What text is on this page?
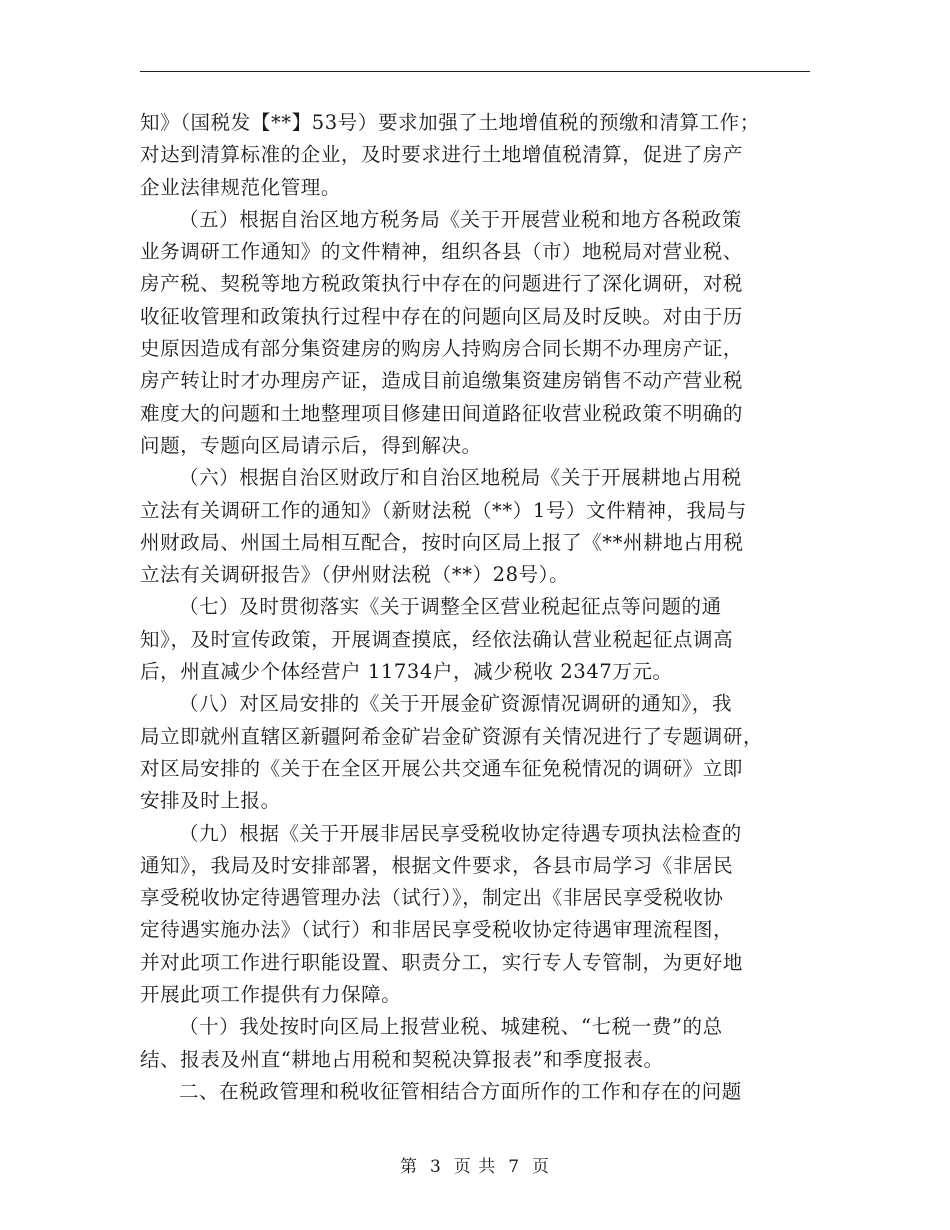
知》（国税发【**】53号）要求加强了土地增值税的预缴和清算工作；
对达到清算标准的企业，及时要求进行土地增值税清算，促进了房产
企业法律规范化管理。
（五）根据自治区地方税务局《关于开展营业税和地方各税政策
业务调研工作通知》的文件精神，组织各县（市）地税局对营业税、
房产税、契税等地方税政策执行中存在的问题进行了深化调研，对税
收征收管理和政策执行过程中存在的问题向区局及时反映。对由于历
史原因造成有部分集资建房的购房人持购房合同长期不办理房产证，
房产转让时才办理房产证，造成目前追缴集资建房销售不动产营业税
难度大的问题和土地整理项目修建田间道路征收营业税政策不明确的
问题，专题向区局请示后，得到解决。
（六）根据自治区财政厅和自治区地税局《关于开展耕地占用税
立法有关调研工作的通知》（新财法税（**）1号）文件精神，我局与
州财政局、州国土局相互配合，按时向区局上报了《**州耕地占用税
立法有关调研报告》（伊州财法税（**）28号）。
（七）及时贯彻落实《关于调整全区营业税起征点等问题的通
知》，及时宣传政策，开展调查摸底，经依法确认营业税起征点调高
后，州直减少个体经营户 11734户，减少税收 2347万元。
（八）对区局安排的《关于开展金矿资源情况调研的通知》，我
局立即就州直辖区新疆阿希金矿岩金矿资源有关情况进行了专题调研，
对区局安排的《关于在全区开展公共交通车征免税情况的调研》立即
安排及时上报。
（九）根据《关于开展非居民享受税收协定待遇专项执法检查的
通知》，我局及时安排部署，根据文件要求，各县市局学习《非居民
享受税收协定待遇管理办法（试行）》，制定出《非居民享受税收协
定待遇实施办法》（试行）和非居民享受税收协定待遇审理流程图，
并对此项工作进行职能设置、职责分工，实行专人专管制，为更好地
开展此项工作提供有力保障。
（十）我处按时向区局上报营业税、城建税、“七税一费”的总
结、报表及州直“耕地占用税和契税决算报表”和季度报表。
二、在税政管理和税收征管相结合方面所作的工作和存在的问题
第 3 页 共 7 页
